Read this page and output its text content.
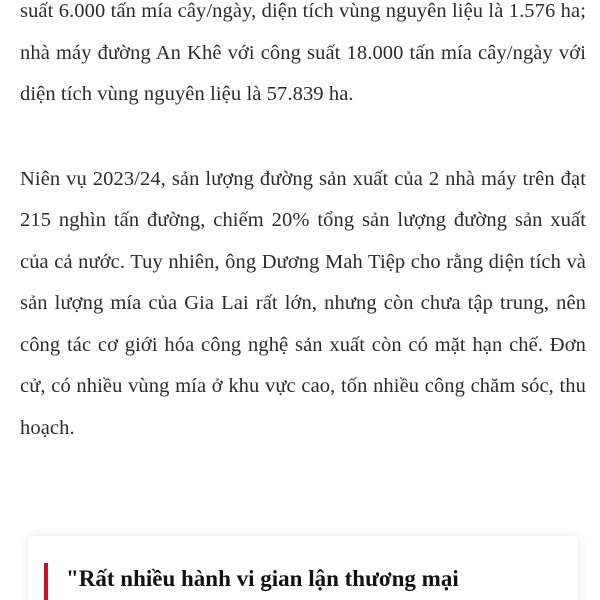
suất 6.000 tấn mía cây/ngày, diện tích vùng nguyên liệu là 1.576 ha; nhà máy đường An Khê với công suất 18.000 tấn mía cây/ngày với diện tích vùng nguyên liệu là 57.839 ha.

Niên vụ 2023/24, sản lượng đường sản xuất của 2 nhà máy trên đạt 215 nghìn tấn đường, chiếm 20% tổng sản lượng đường sản xuất của cả nước. Tuy nhiên, ông Dương Mah Tiệp cho rằng diện tích và sản lượng mía của Gia Lai rất lớn, nhưng còn chưa tập trung, nên công tác cơ giới hóa công nghệ sản xuất còn có mặt hạn chế. Đơn cử, có nhiều vùng mía ở khu vực cao, tốn nhiều công chăm sóc, thu hoạch.

"Rất nhiều hành vi gian lận thương mại
